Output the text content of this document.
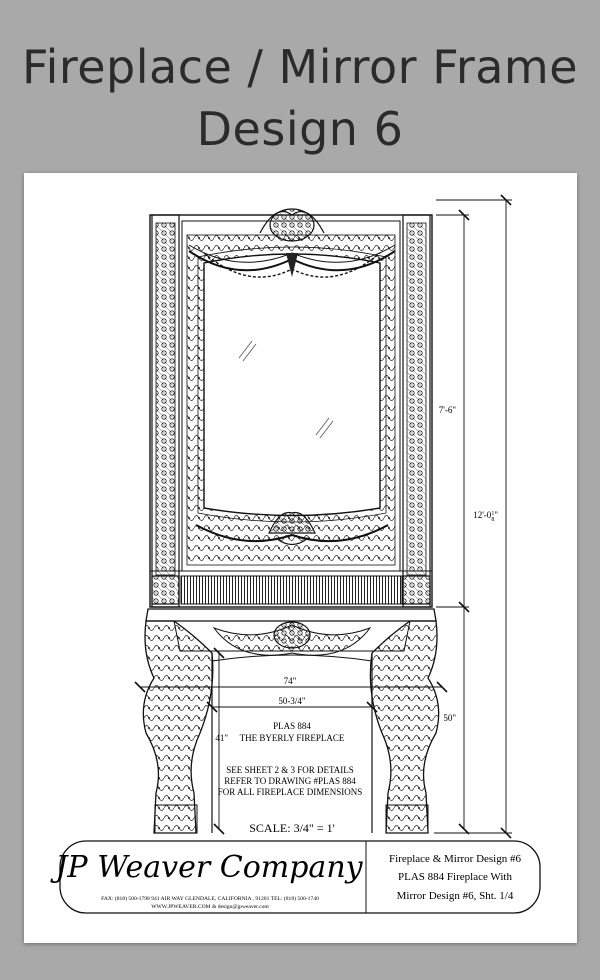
Fireplace / Mirror Frame
Design 6
7'-6"
$12'-0^1$ 8"
50"
74"
50-3/4"
41"
PLAS 884
THE BYERLY FIREPLACE
SEE SHEET 2 & 3 FOR DETAILS
REFER TO DRAWING #PLAS 884
FOR ALL FIREPLACE DIMENSIONS
SCALE: 3/4" = 1'
JP Weaver Company
FAX: (818) 500-1798 941 AIR WAY GLENDALE, CALIFORNIA , 91201 TEL: (818) 500-1740
WWW.JPWEAVER.COM & design@jpweaver.com
Fireplace & Mirror Design #6
PLAS 884 Fireplace With
Mirror Design #6, Sht. 1/4
